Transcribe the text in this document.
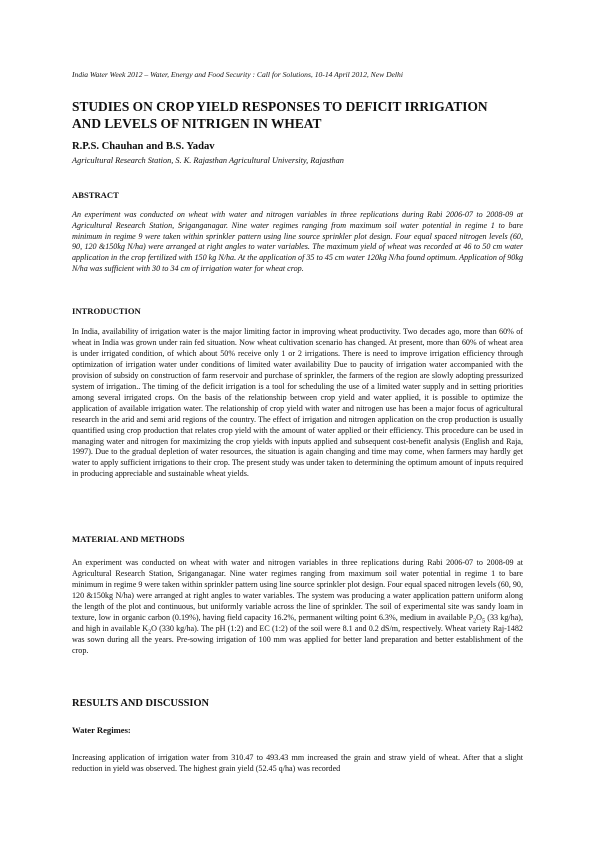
India Water Week 2012 – Water, Energy and Food Security : Call for Solutions, 10-14 April 2012, New Delhi
STUDIES ON CROP YIELD RESPONSES TO DEFICIT IRRIGATION
AND LEVELS OF NITRIGEN IN WHEAT
R.P.S. Chauhan and B.S. Yadav
Agricultural Research Station, S. K. Rajasthan Agricultural University, Rajasthan
ABSTRACT

An experiment was conducted on wheat with water and nitrogen variables in three replications during Rabi 2006-07 to 2008-09 at Agricultural Research Station, Sriganganagar. Nine water regimes ranging from maximum soil water potential in regime 1 to bare minimum in regime 9 were taken within sprinkler pattern using line source sprinkler plot design. Four equal spaced nitrogen levels (60, 90, 120 &150kg N/ha) were arranged at right angles to water variables. The maximum yield of wheat was recorded at 46 to 50 cm water application in the crop fertilized with 150 kg N/ha. At the application of 35 to 45 cm water 120kg N/ha found optimum. Application of 90kg N/ha was sufficient with 30 to 34 cm of irrigation water for wheat crop.

INTRODUCTION

In India, availability of irrigation water is the major limiting factor in improving wheat productivity. Two decades ago, more than 60% of wheat in India was grown under rain fed situation. Now wheat cultivation scenario has changed. At present, more than 60% of wheat area is under irrigated condition, of which about 50% receive only 1 or 2 irrigations. There is need to improve irrigation efficiency through optimization of irrigation water under conditions of limited water availability Due to paucity of irrigation water accompanied with the provision of subsidy on construction of farm reservoir and purchase of sprinkler, the farmers of the region are slowly adopting pressurized system of irrigation.. The timing of the deficit irrigation is a tool for scheduling the use of a limited water supply and in setting priorities among several irrigated crops. On the basis of the relationship between crop yield and water applied, it is possible to optimize the application of available irrigation water. The relationship of crop yield with water and nitrogen use has been a major focus of agricultural research in the arid and semi arid regions of the country. The effect of irrigation and nitrogen application on the crop production is usually quantified using crop production that relates crop yield with the amount of water applied or their efficiency. This procedure can be used in managing water and nitrogen for maximizing the crop yields with inputs applied and subsequent cost-benefit analysis (English and Raja, 1997). Due to the gradual depletion of water resources, the situation is again changing and time may come, when farmers may hardly get water to apply sufficient irrigations to their crop. The present study was under taken to determining the optimum amount of inputs required in producing appreciable and sustainable wheat yields.

MATERIAL AND METHODS

An experiment was conducted on wheat with water and nitrogen variables in three replications during Rabi 2006-07 to 2008-09 at Agricultural Research Station, Sriganganagar. Nine water regimes ranging from maximum soil water potential in regime 1 to bare minimum in regime 9 were taken within sprinkler pattern using line source sprinkler plot design. Four equal spaced nitrogen levels (60, 90, 120 &150kg N/ha) were arranged at right angles to water variables. The system was producing a water application pattern uniform along the length of the plot and continuous, but uniformly variable across the line of sprinkler. The soil of experimental site was sandy loam in texture, low in organic carbon (0.19%), having field capacity 16.2%, permanent wilting point 6.3%, medium in available $P_2O_5$ (33 kg/ha), and high in available $K_2O$ (330 kg/ha). The pH (1:2) and EC (1:2) of the soil were 8.1 and 0.2 dS/m, respectively. Wheat variety Raj-1482 was sown during all the years. Pre-sowing irrigation of 100 mm was applied for better land preparation and better establishment of the crop.

RESULTS AND DISCUSSION
Water Regimes:

Increasing application of irrigation water from 310.47 to 493.43 mm increased the grain and straw yield of wheat. After that a slight reduction in yield was observed. The highest grain yield (52.45 q/ha) was recorded
